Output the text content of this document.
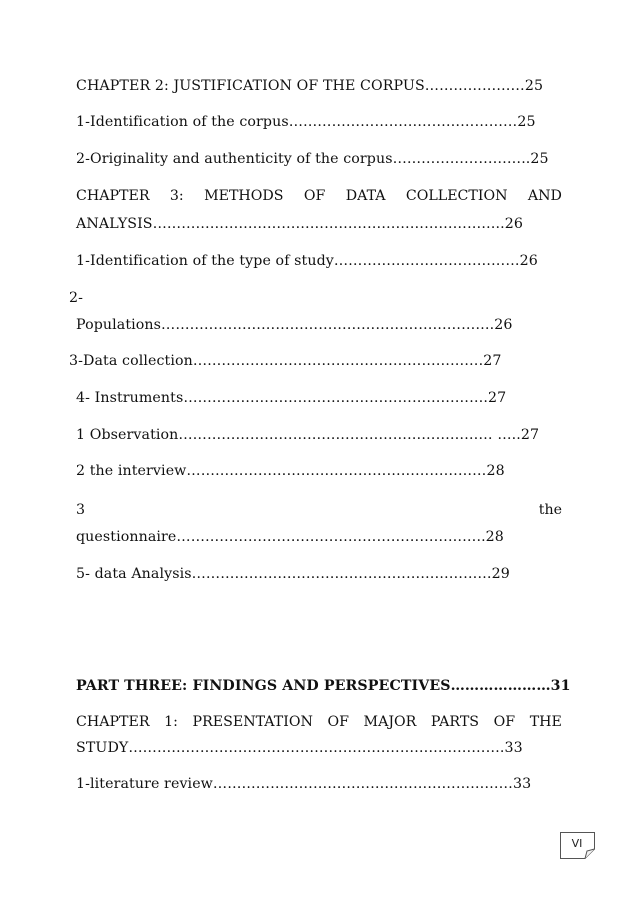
CHAPTER 2: JUSTIFICATION OF THE CORPUS…………………25
1-Identification of the corpus…………………………………………25
2-Originality and authenticity of the corpus………………………..25
CHAPTER 3: METHODS OF DATA COLLECTION AND
ANALYSIS………………………………………………………………..26
1-Identification of the type of study…………………………………26
2-
Populations…………………………………………………………….26
3-Data collection…………………………………………………….27
4- Instruments……………………………………………………….27
1 Observation………………………………………………………… …..27
2 the interview………………………………………………………28
3	the
questionnaire………………………………………………………..28
5- data Analysis………………………………………………………29
PART THREE: FINDINGS AND PERSPECTIVES…………………31
CHAPTER 1: PRESENTATION OF MAJOR PARTS OF THE
STUDY…………………………………………………………………….33
1-literature review………………………………………………………33
VI
